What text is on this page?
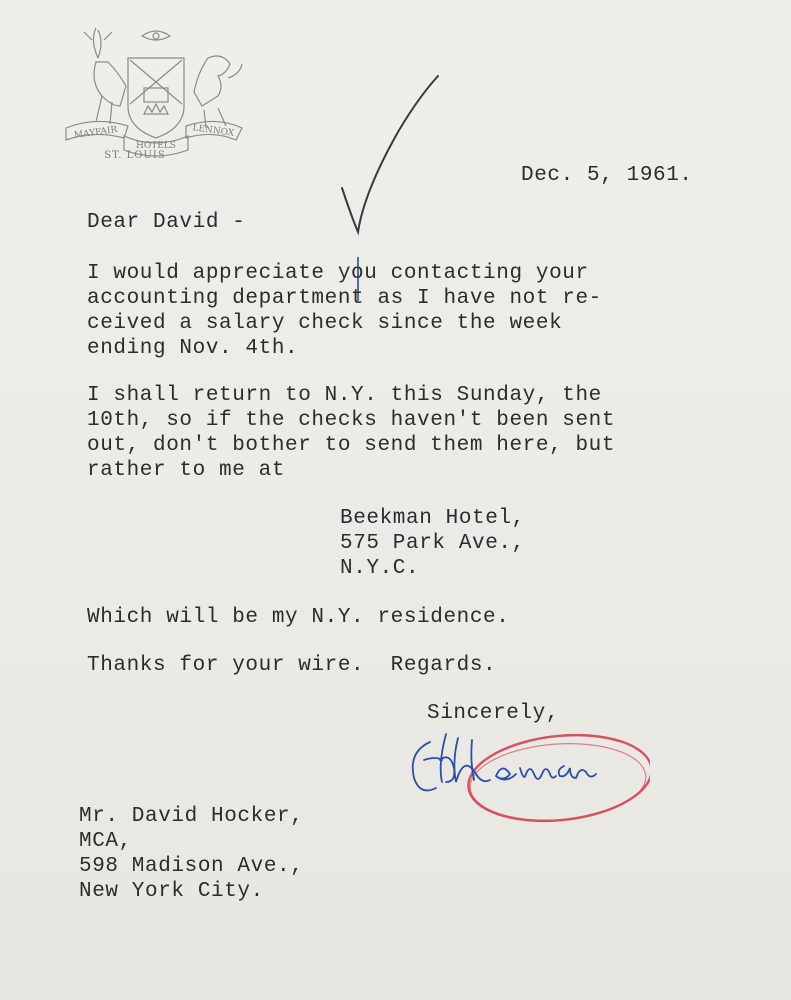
MAYFAIR	LENNOX
HOTELS
ST. LOUIS
Dec. 5, 1961.
Dear David -
I would appreciate you contacting your
accounting department as I have not re-
ceived a salary check since the week
ending Nov. 4th.
I shall return to N.Y. this Sunday, the
10th, so if the checks haven't been sent
out, don't bother to send them here, but
rather to me at
Beekman Hotel,
575 Park Ave.,
N.Y.C.
Which will be my N.Y. residence.
Thanks for your wire.  Regards.
Sincerely,
Mr. David Hocker,
MCA,
598 Madison Ave.,
New York City.
